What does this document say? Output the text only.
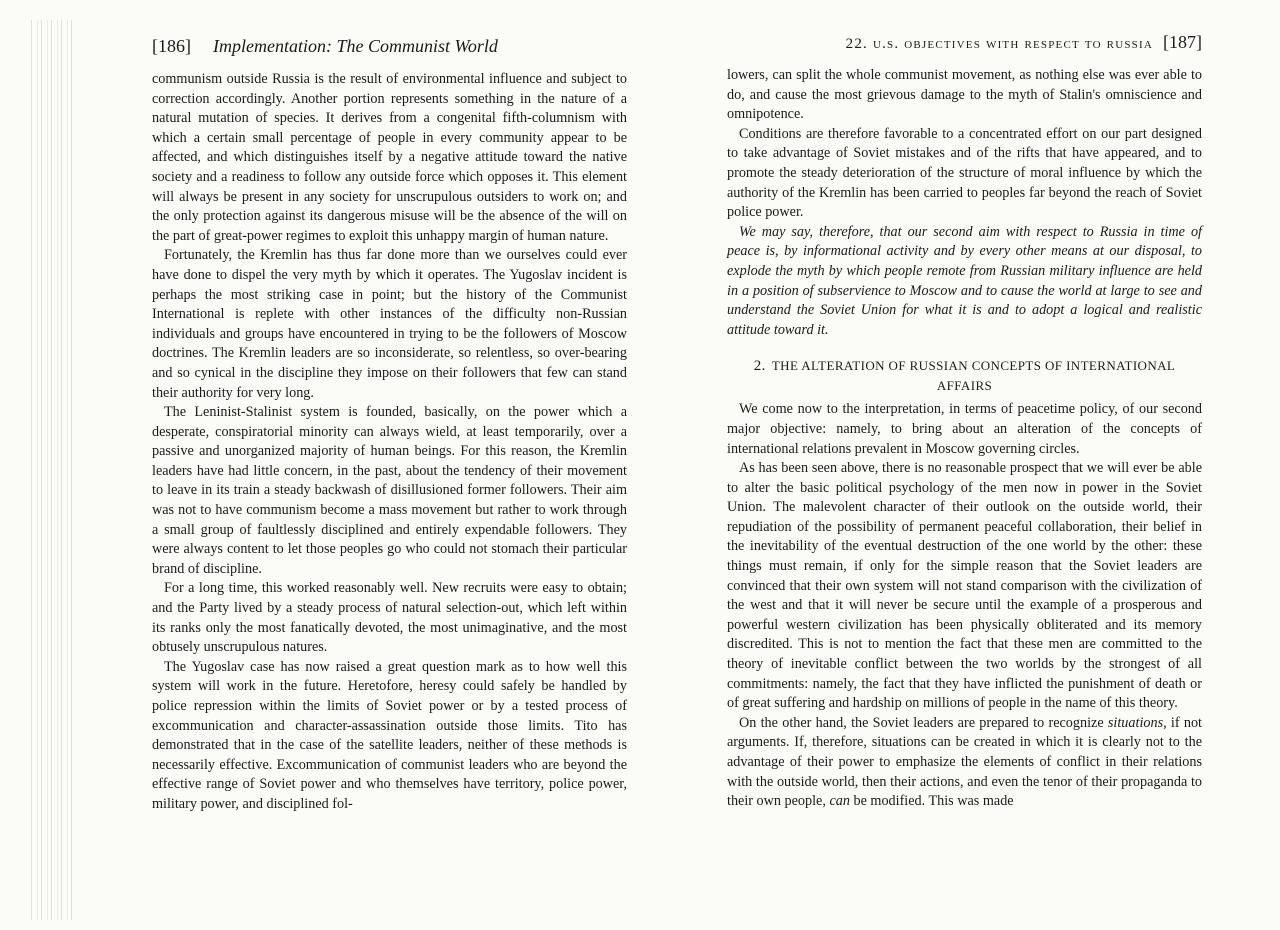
[186] Implementation: The Communist World

communism outside Russia is the result of environmental influence and subject to correction accordingly. Another portion represents something in the nature of a natural mutation of species. It derives from a congenital fifth-columnism with which a certain small percentage of people in every community appear to be affected, and which distinguishes itself by a negative attitude toward the native society and a readiness to follow any outside force which opposes it. This element will always be present in any society for unscrupulous outsiders to work on; and the only protection against its dangerous misuse will be the absence of the will on the part of great-power regimes to exploit this unhappy margin of human nature.

Fortunately, the Kremlin has thus far done more than we ourselves could ever have done to dispel the very myth by which it operates. The Yugoslav incident is perhaps the most striking case in point; but the history of the Communist International is replete with other instances of the difficulty non-Russian individuals and groups have encountered in trying to be the followers of Moscow doctrines. The Kremlin leaders are so inconsiderate, so relentless, so over-bearing and so cynical in the discipline they impose on their followers that few can stand their authority for very long.

The Leninist-Stalinist system is founded, basically, on the power which a desperate, conspiratorial minority can always wield, at least temporarily, over a passive and unorganized majority of human beings. For this reason, the Kremlin leaders have had little concern, in the past, about the tendency of their movement to leave in its train a steady backwash of disillusioned former followers. Their aim was not to have communism become a mass movement but rather to work through a small group of faultlessly disciplined and entirely expendable followers. They were always content to let those peoples go who could not stomach their particular brand of discipline.

For a long time, this worked reasonably well. New recruits were easy to obtain; and the Party lived by a steady process of natural selection-out, which left within its ranks only the most fanatically devoted, the most unimaginative, and the most obtusely unscrupulous natures.

The Yugoslav case has now raised a great question mark as to how well this system will work in the future. Heretofore, heresy could safely be handled by police repression within the limits of Soviet power or by a tested process of excommunication and character-assassination outside those limits. Tito has demonstrated that in the case of the satellite leaders, neither of these methods is necessarily effective. Excommunication of communist leaders who are beyond the effective range of Soviet power and who themselves have territory, police power, military power, and disciplined fol-

22. u.s. objectives with respect to russia [187]

lowers, can split the whole communist movement, as nothing else was ever able to do, and cause the most grievous damage to the myth of Stalin's omniscience and omnipotence.

Conditions are therefore favorable to a concentrated effort on our part designed to take advantage of Soviet mistakes and of the rifts that have appeared, and to promote the steady deterioration of the structure of moral influence by which the authority of the Kremlin has been carried to peoples far beyond the reach of Soviet police power.

We may say, therefore, that our second aim with respect to Russia in time of peace is, by informational activity and by every other means at our disposal, to explode the myth by which people remote from Russian military influence are held in a position of subservience to Moscow and to cause the world at large to see and understand the Soviet Union for what it is and to adopt a logical and realistic attitude toward it.

2. THE ALTERATION OF RUSSIAN CONCEPTS OF INTERNATIONAL
AFFAIRS

We come now to the interpretation, in terms of peacetime policy, of our second major objective: namely, to bring about an alteration of the concepts of international relations prevalent in Moscow governing circles.

As has been seen above, there is no reasonable prospect that we will ever be able to alter the basic political psychology of the men now in power in the Soviet Union. The malevolent character of their outlook on the outside world, their repudiation of the possibility of permanent peaceful collaboration, their belief in the inevitability of the eventual destruction of the one world by the other: these things must remain, if only for the simple reason that the Soviet leaders are convinced that their own system will not stand comparison with the civilization of the west and that it will never be secure until the example of a prosperous and powerful western civilization has been physically obliterated and its memory discredited. This is not to mention the fact that these men are committed to the theory of inevitable conflict between the two worlds by the strongest of all commitments: namely, the fact that they have inflicted the punishment of death or of great suffering and hardship on millions of people in the name of this theory.

On the other hand, the Soviet leaders are prepared to recognize situations, if not arguments. If, therefore, situations can be created in which it is clearly not to the advantage of their power to emphasize the elements of conflict in their relations with the outside world, then their actions, and even the tenor of their propaganda to their own people, can be modified. This was made
